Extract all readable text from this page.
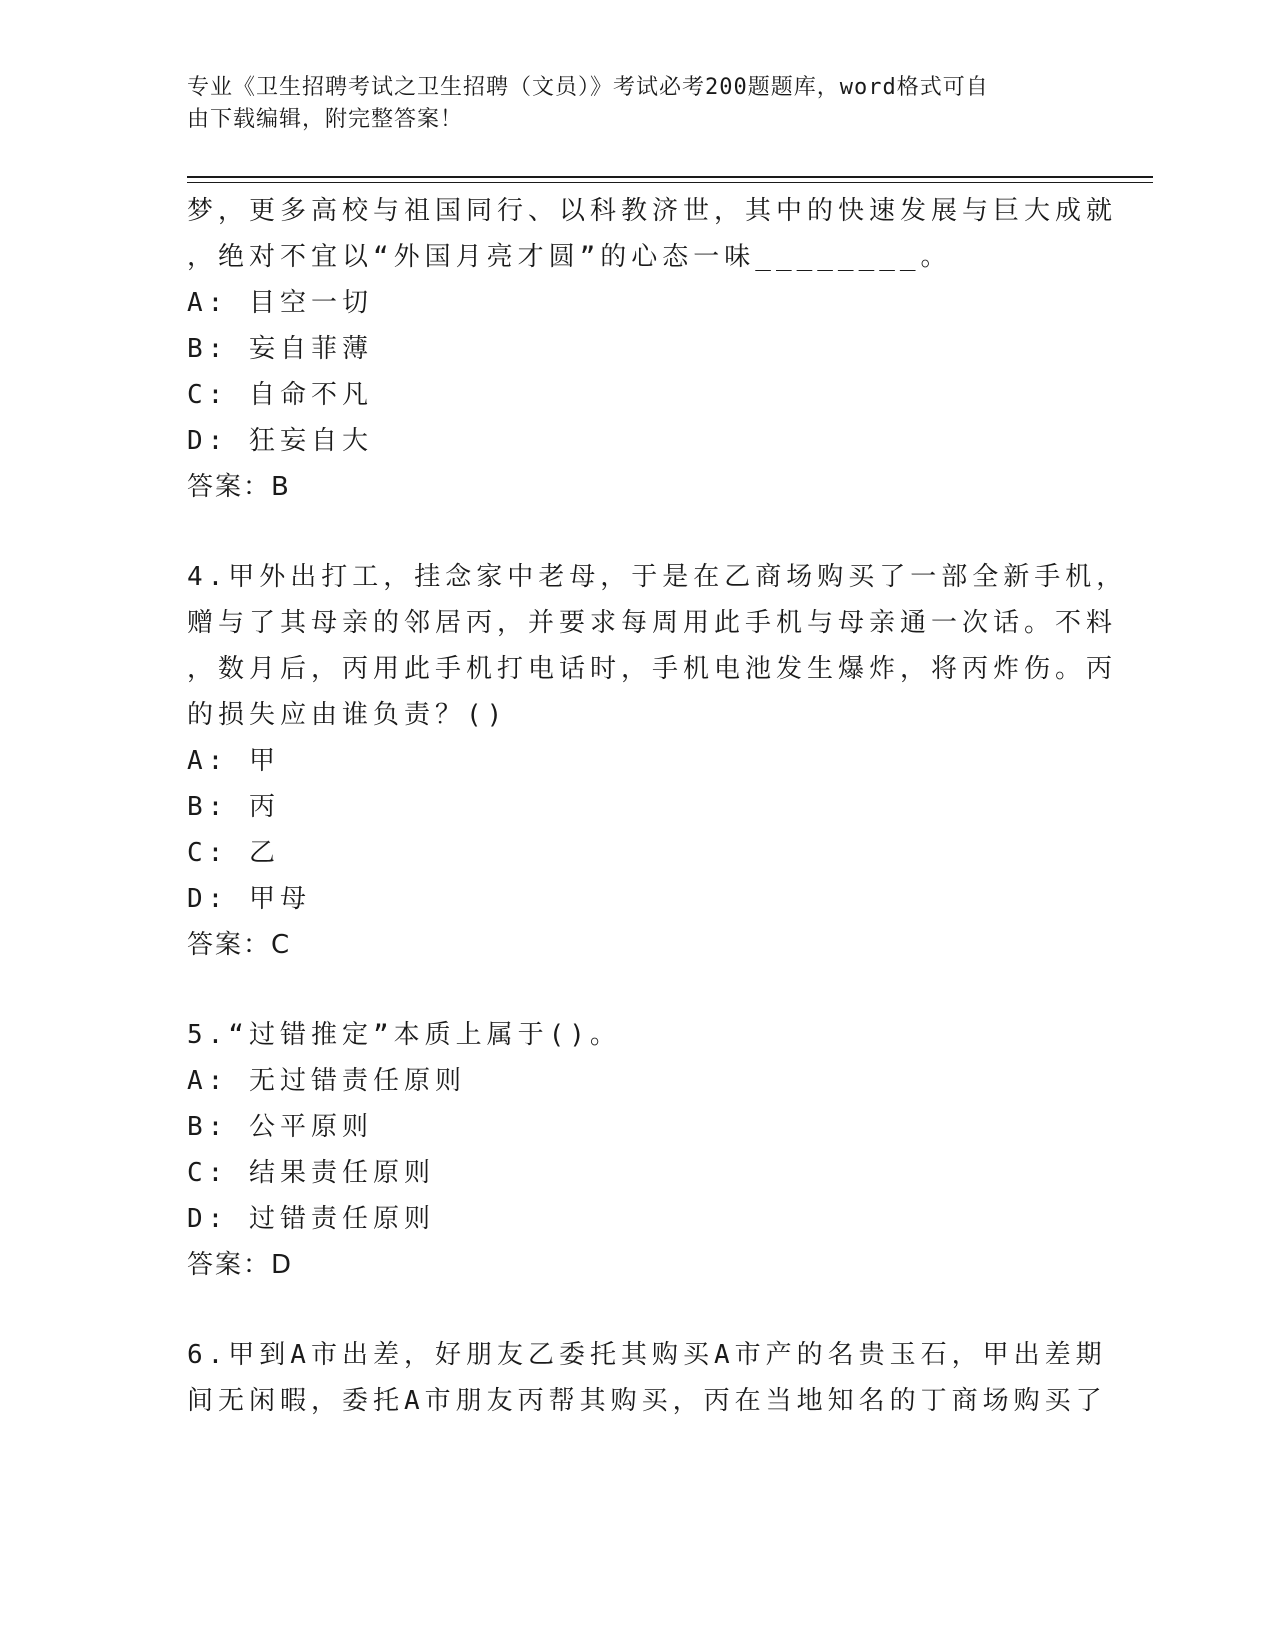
专业《卫生招聘考试之卫生招聘（文员）》考试必考200题题库，word格式可自
由下载编辑，附完整答案！
梦，更多高校与祖国同行、以科教济世，其中的快速发展与巨大成就
，绝对不宜以“外国月亮才圆”的心态一味________。
A: 目空一切
B: 妄自菲薄
C: 自命不凡
D: 狂妄自大
答案：B
4.甲外出打工，挂念家中老母，于是在乙商场购买了一部全新手机，
赠与了其母亲的邻居丙，并要求每周用此手机与母亲通一次话。不料
，数月后，丙用此手机打电话时，手机电池发生爆炸，将丙炸伤。丙
的损失应由谁负责？()
A: 甲
B: 丙
C: 乙
D: 甲母
答案：C
5.“过错推定”本质上属于()。
A: 无过错责任原则
B: 公平原则
C: 结果责任原则
D: 过错责任原则
答案：D
6.甲到A市出差，好朋友乙委托其购买A市产的名贵玉石，甲出差期
间无闲暇，委托A市朋友丙帮其购买，丙在当地知名的丁商场购买了
